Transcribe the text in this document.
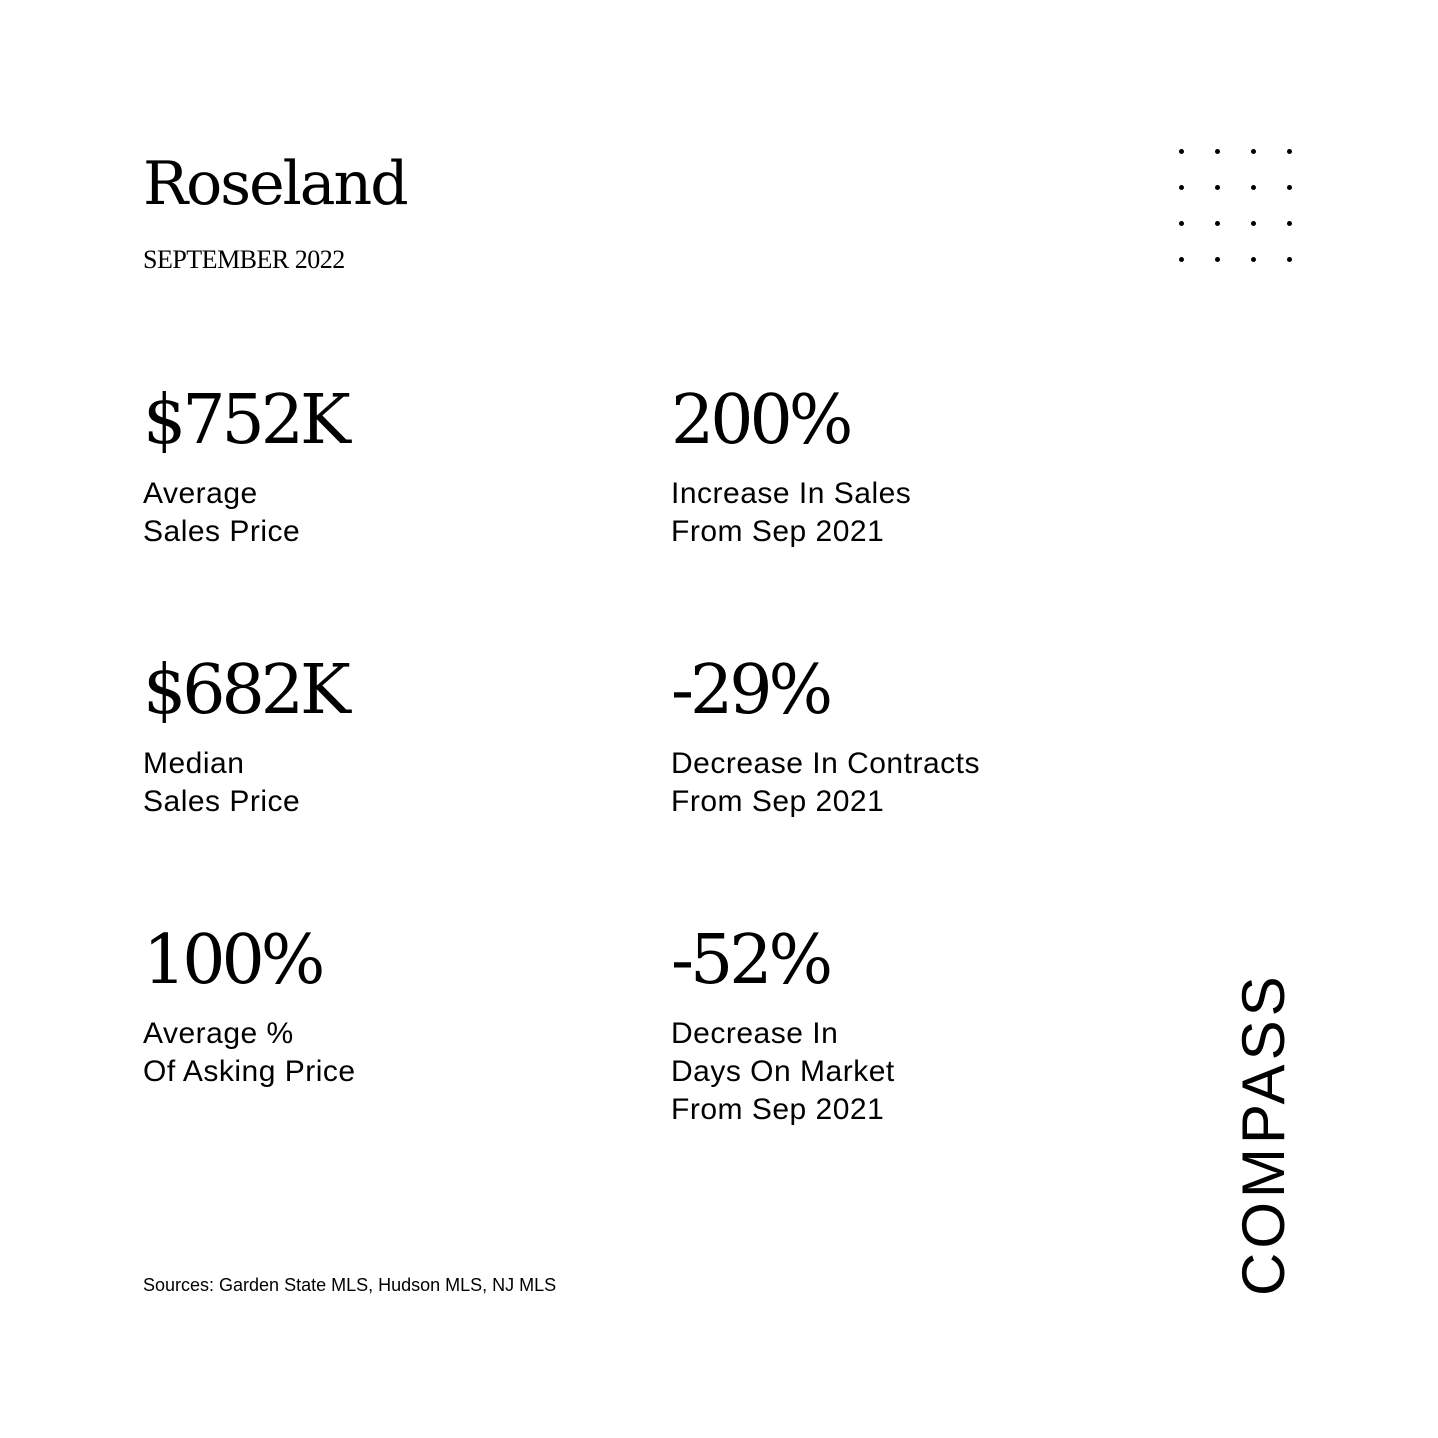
Roseland
SEPTEMBER 2022
$752K
Average
Sales Price
200%
Increase In Sales
From Sep 2021
$682K
Median
Sales Price
-29%
Decrease In Contracts
From Sep 2021
100%
Average %
Of Asking Price
-52%
Decrease In
Days On Market
From Sep 2021
Sources: Garden State MLS, Hudson MLS, NJ MLS	COMPASS
